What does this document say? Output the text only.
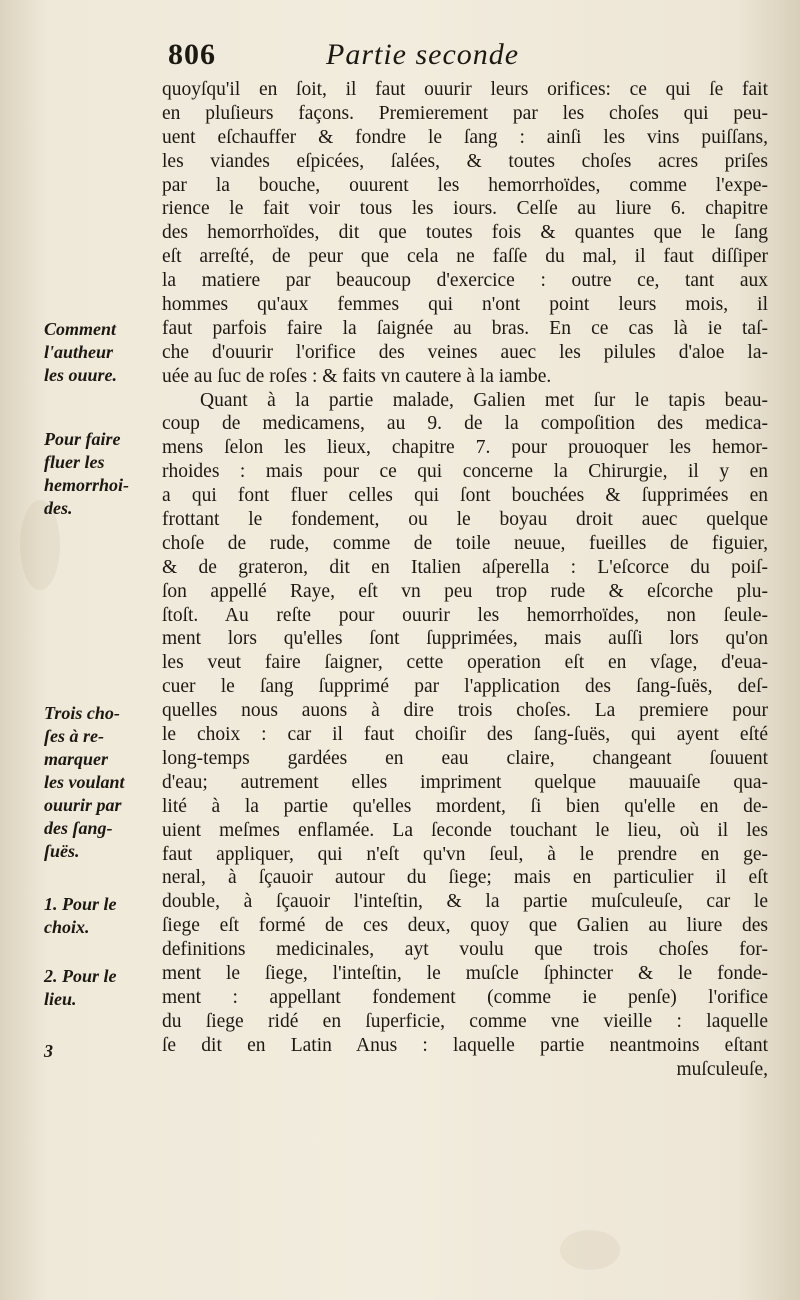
806	Partie seconde
Comment
l'autheur
les ouure.
Pour faire
fluer les
hemorrhoi-
des.
Trois cho-
ſes à re-
marquer
les voulant
ouurir par
des ſang-
ſuës.
1. Pour le
choix.
2. Pour le
lieu.
3
quoyſqu'il en ſoit, il faut ouurir leurs orifices: ce qui ſe fait
en pluſieurs façons. Premierement par les choſes qui peu-
uent eſchauffer & fondre le ſang : ainſi les vins puiſſans,
les viandes eſpicées, ſalées, & toutes choſes acres priſes
par la bouche, ouurent les hemorrhoïdes, comme l'expe-
rience le fait voir tous les iours. Celſe au liure 6. chapitre
des hemorrhoïdes, dit que toutes fois & quantes que le ſang
eſt arreſté, de peur que cela ne faſſe du mal, il faut diſſiper
la matiere par beaucoup d'exercice : outre ce, tant aux
hommes qu'aux femmes qui n'ont point leurs mois, il
faut parfois faire la ſaignée au bras. En ce cas là ie taſ-
che d'ouurir l'orifice des veines auec les pilules d'aloe la-
uée au ſuc de roſes : & faits vn cautere à la iambe.
Quant à la partie malade, Galien met ſur le tapis beau-
coup de medicamens, au 9. de la compoſition des medica-
mens ſelon les lieux, chapitre 7. pour prouoquer les hemor-
rhoides : mais pour ce qui concerne la Chirurgie, il y en
a qui font fluer celles qui ſont bouchées & ſupprimées en
frottant le fondement, ou le boyau droit auec quelque
choſe de rude, comme de toile neuue, fueilles de figuier,
& de grateron, dit en Italien aſperella : L'eſcorce du poiſ-
ſon appellé Raye, eſt vn peu trop rude & eſcorche plu-
ſtoſt. Au reſte pour ouurir les hemorrhoïdes, non ſeule-
ment lors qu'elles ſont ſupprimées, mais auſſi lors qu'on
les veut faire ſaigner, cette operation eſt en vſage, d'eua-
cuer le ſang ſupprimé par l'application des ſang-ſuës, deſ-
quelles nous auons à dire trois choſes. La premiere pour
le choix : car il faut choiſir des ſang-ſuës, qui ayent eſté
long-temps gardées en eau claire, changeant ſouuent
d'eau; autrement elles impriment quelque mauuaiſe qua-
lité à la partie qu'elles mordent, ſi bien qu'elle en de-
uient meſmes enflamée. La ſeconde touchant le lieu, où il les
faut appliquer, qui n'eſt qu'vn ſeul, à le prendre en ge-
neral, à ſçauoir autour du ſiege; mais en particulier il eſt
double, à ſçauoir l'inteſtin, & la partie muſculeuſe, car le
ſiege eſt formé de ces deux, quoy que Galien au liure des
definitions medicinales, ayt voulu que trois choſes for-
ment le ſiege, l'inteſtin, le muſcle ſphincter & le fonde-
ment : appellant fondement (comme ie penſe) l'orifice
du ſiege ridé en ſuperficie, comme vne vieille : laquelle
ſe dit en Latin Anus : laquelle partie neantmoins eſtant
muſculeuſe,
